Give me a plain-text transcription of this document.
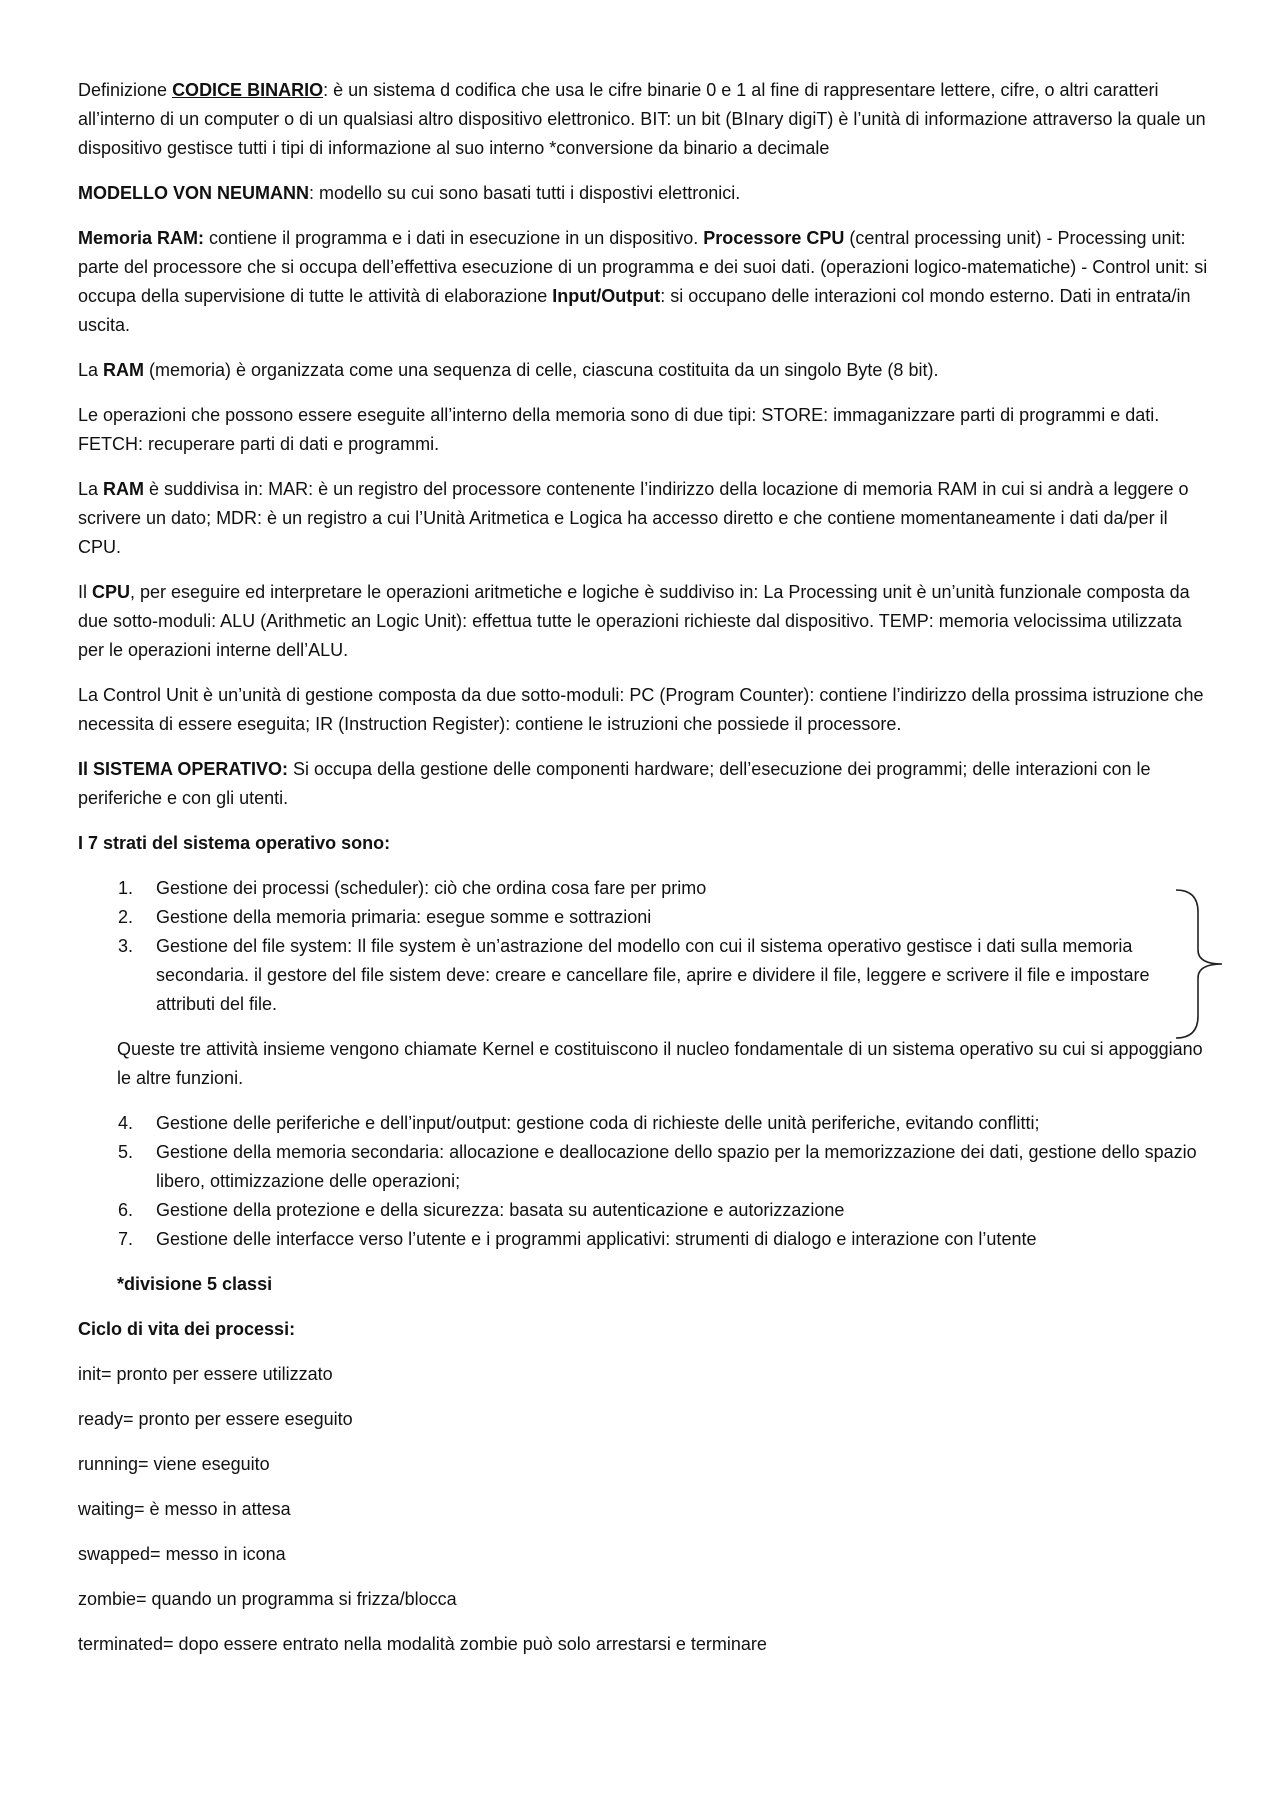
Definizione CODICE BINARIO: è un sistema d codifica che usa le cifre binarie 0 e 1 al fine di rappresentare lettere, cifre, o altri caratteri all’interno di un computer o di un qualsiasi altro dispositivo elettronico. BIT: un bit (BInary digiT) è l’unità di informazione attraverso la quale un dispositivo gestisce tutti i tipi di informazione al suo interno *conversione da binario a decimale

MODELLO VON NEUMANN: modello su cui sono basati tutti i dispostivi elettronici.

Memoria RAM: contiene il programma e i dati in esecuzione in un dispositivo. Processore CPU (central processing unit) - Processing unit: parte del processore che si occupa dell’effettiva esecuzione di un programma e dei suoi dati. (operazioni logico-matematiche) - Control unit: si occupa della supervisione di tutte le attività di elaborazione Input/Output: si occupano delle interazioni col mondo esterno. Dati in entrata/in uscita.

La RAM (memoria) è organizzata come una sequenza di celle, ciascuna costituita da un singolo Byte (8 bit).

Le operazioni che possono essere eseguite all’interno della memoria sono di due tipi: STORE: immaganizzare parti di programmi e dati. FETCH: recuperare parti di dati e programmi.

La RAM è suddivisa in: MAR: è un registro del processore contenente l’indirizzo della locazione di memoria RAM in cui si andrà a leggere o scrivere un dato; MDR: è un registro a cui l’Unità Aritmetica e Logica ha accesso diretto e che contiene momentaneamente i dati da/per il CPU.

Il CPU, per eseguire ed interpretare le operazioni aritmetiche e logiche è suddiviso in: La Processing unit è un’unità funzionale composta da due sotto-moduli: ALU (Arithmetic an Logic Unit): effettua tutte le operazioni richieste dal dispositivo. TEMP: memoria velocissima utilizzata per le operazioni interne dell’ALU.

La Control Unit è un’unità di gestione composta da due sotto-moduli: PC (Program Counter): contiene l’indirizzo della prossima istruzione che necessita di essere eseguita; IR (Instruction Register): contiene le istruzioni che possiede il processore.

Il SISTEMA OPERATIVO: Si occupa della gestione delle componenti hardware; dell’esecuzione dei programmi; delle interazioni con le periferiche e con gli utenti.

I 7 strati del sistema operativo sono:

1. Gestione dei processi (scheduler): ciò che ordina cosa fare per primo
2. Gestione della memoria primaria: esegue somme e sottrazioni
3. Gestione del file system: Il file system è un’astrazione del modello con cui il sistema operativo gestisce i dati sulla memoria secondaria. il gestore del file sistem deve: creare e cancellare file, aprire e dividere il file, leggere e scrivere il file e impostare attributi del file.

Queste tre attività insieme vengono chiamate Kernel e costituiscono il nucleo fondamentale di un sistema operativo su cui si appoggiano le altre funzioni.

4. Gestione delle periferiche e dell’input/output: gestione coda di richieste delle unità periferiche, evitando conflitti;
5. Gestione della memoria secondaria: allocazione e deallocazione dello spazio per la memorizzazione dei dati, gestione dello spazio libero, ottimizzazione delle operazioni;
6. Gestione della protezione e della sicurezza: basata su autenticazione e autorizzazione
7. Gestione delle interfacce verso l’utente e i programmi applicativi: strumenti di dialogo e interazione con l’utente

*divisione 5 classi

Ciclo di vita dei processi:

init= pronto per essere utilizzato

ready= pronto per essere eseguito

running= viene eseguito

waiting= è messo in attesa

swapped= messo in icona

zombie= quando un programma si frizza/blocca

terminated= dopo essere entrato nella modalità zombie può solo arrestarsi e terminare
